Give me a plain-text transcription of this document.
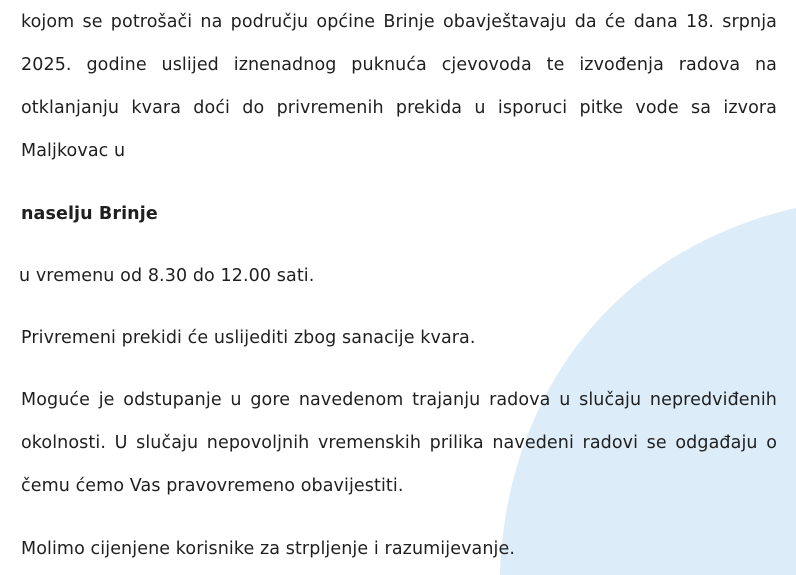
kojom se potrošači na području općine Brinje obavještavaju da će dana 18. srpnja 2025. godine uslijed iznenadnog puknuća cjevovoda te izvođenja radova na otklanjanju kvara doći do privremenih prekida u isporuci pitke vode sa izvora Maljkovac u

naselju Brinje

u vremenu od 8.30 do 12.00 sati.

Privremeni prekidi će uslijediti zbog sanacije kvara.

Moguće je odstupanje u gore navedenom trajanju radova u slučaju nepredviđenih okolnosti. U slučaju nepovoljnih vremenskih prilika navedeni radovi se odgađaju o čemu ćemo Vas pravovremeno obavijestiti.

Molimo cijenjene korisnike za strpljenje i razumijevanje.
